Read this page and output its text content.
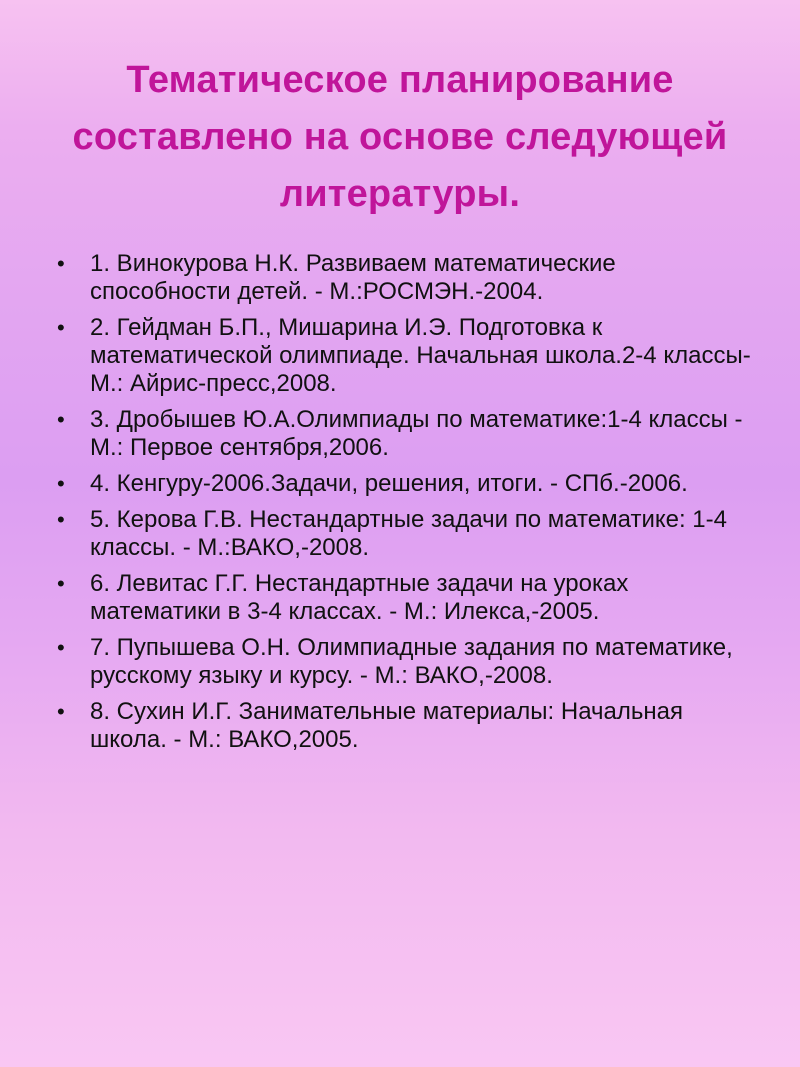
Тематическое планирование составлено на основе следующей литературы.
• 1. Винокурова Н.К. Развиваем математические способности детей. - М.:РОСМЭН.-2004.
• 2. Гейдман Б.П., Мишарина И.Э. Подготовка к математической олимпиаде. Начальная школа.2-4 классы-М.: Айрис-пресс,2008.
• 3. Дробышев Ю.А.Олимпиады по математике:1-4 классы - М.: Первое сентября,2006.
• 4. Кенгуру-2006.Задачи, решения, итоги. - СПб.-2006.
• 5. Керова Г.В. Нестандартные задачи по математике: 1-4 классы. - М.:ВАКО,-2008.
• 6. Левитас Г.Г. Нестандартные задачи на уроках математики в 3-4 классах. - М.: Илекса,-2005.
• 7. Пупышева О.Н. Олимпиадные задания по математике, русскому языку и курсу. - М.: ВАКО,-2008.
• 8. Сухин И.Г. Занимательные материалы: Начальная школа. - М.: ВАКО,2005.
